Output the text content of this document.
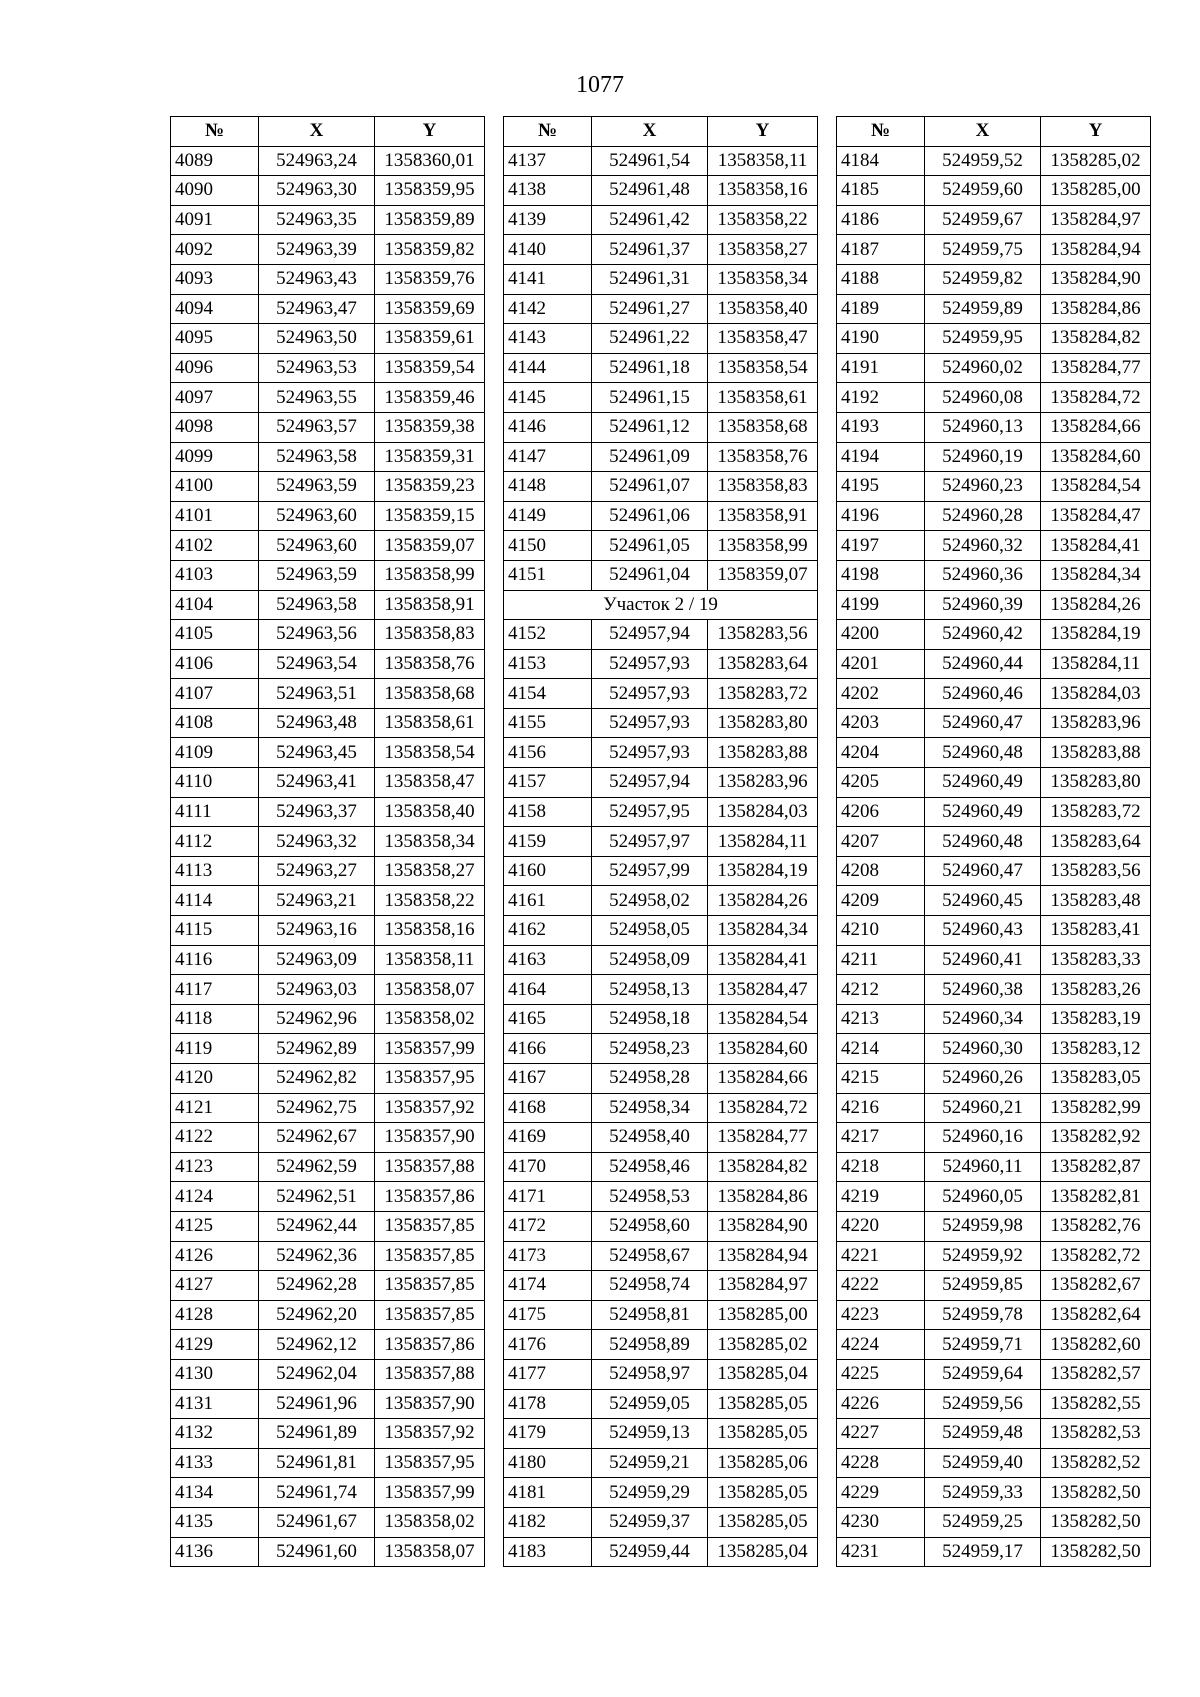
1077
№	X	Y
4089	524963,24	1358360,01
4090	524963,30	1358359,95
4091	524963,35	1358359,89
4092	524963,39	1358359,82
4093	524963,43	1358359,76
4094	524963,47	1358359,69
4095	524963,50	1358359,61
4096	524963,53	1358359,54
4097	524963,55	1358359,46
4098	524963,57	1358359,38
4099	524963,58	1358359,31
4100	524963,59	1358359,23
4101	524963,60	1358359,15
4102	524963,60	1358359,07
4103	524963,59	1358358,99
4104	524963,58	1358358,91
4105	524963,56	1358358,83
4106	524963,54	1358358,76
4107	524963,51	1358358,68
4108	524963,48	1358358,61
4109	524963,45	1358358,54
4110	524963,41	1358358,47
4111	524963,37	1358358,40
4112	524963,32	1358358,34
4113	524963,27	1358358,27
4114	524963,21	1358358,22
4115	524963,16	1358358,16
4116	524963,09	1358358,11
4117	524963,03	1358358,07
4118	524962,96	1358358,02
4119	524962,89	1358357,99
4120	524962,82	1358357,95
4121	524962,75	1358357,92
4122	524962,67	1358357,90
4123	524962,59	1358357,88
4124	524962,51	1358357,86
4125	524962,44	1358357,85
4126	524962,36	1358357,85
4127	524962,28	1358357,85
4128	524962,20	1358357,85
4129	524962,12	1358357,86
4130	524962,04	1358357,88
4131	524961,96	1358357,90
4132	524961,89	1358357,92
4133	524961,81	1358357,95
4134	524961,74	1358357,99
4135	524961,67	1358358,02
4136	524961,60	1358358,07
№	X	Y
4137	524961,54	1358358,11
4138	524961,48	1358358,16
4139	524961,42	1358358,22
4140	524961,37	1358358,27
4141	524961,31	1358358,34
4142	524961,27	1358358,40
4143	524961,22	1358358,47
4144	524961,18	1358358,54
4145	524961,15	1358358,61
4146	524961,12	1358358,68
4147	524961,09	1358358,76
4148	524961,07	1358358,83
4149	524961,06	1358358,91
4150	524961,05	1358358,99
4151	524961,04	1358359,07
Участок 2 / 19		
4152	524957,94	1358283,56
4153	524957,93	1358283,64
4154	524957,93	1358283,72
4155	524957,93	1358283,80
4156	524957,93	1358283,88
4157	524957,94	1358283,96
4158	524957,95	1358284,03
4159	524957,97	1358284,11
4160	524957,99	1358284,19
4161	524958,02	1358284,26
4162	524958,05	1358284,34
4163	524958,09	1358284,41
4164	524958,13	1358284,47
4165	524958,18	1358284,54
4166	524958,23	1358284,60
4167	524958,28	1358284,66
4168	524958,34	1358284,72
4169	524958,40	1358284,77
4170	524958,46	1358284,82
4171	524958,53	1358284,86
4172	524958,60	1358284,90
4173	524958,67	1358284,94
4174	524958,74	1358284,97
4175	524958,81	1358285,00
4176	524958,89	1358285,02
4177	524958,97	1358285,04
4178	524959,05	1358285,05
4179	524959,13	1358285,05
4180	524959,21	1358285,06
4181	524959,29	1358285,05
4182	524959,37	1358285,05
4183	524959,44	1358285,04
№	X	Y
4184	524959,52	1358285,02
4185	524959,60	1358285,00
4186	524959,67	1358284,97
4187	524959,75	1358284,94
4188	524959,82	1358284,90
4189	524959,89	1358284,86
4190	524959,95	1358284,82
4191	524960,02	1358284,77
4192	524960,08	1358284,72
4193	524960,13	1358284,66
4194	524960,19	1358284,60
4195	524960,23	1358284,54
4196	524960,28	1358284,47
4197	524960,32	1358284,41
4198	524960,36	1358284,34
4199	524960,39	1358284,26
4200	524960,42	1358284,19
4201	524960,44	1358284,11
4202	524960,46	1358284,03
4203	524960,47	1358283,96
4204	524960,48	1358283,88
4205	524960,49	1358283,80
4206	524960,49	1358283,72
4207	524960,48	1358283,64
4208	524960,47	1358283,56
4209	524960,45	1358283,48
4210	524960,43	1358283,41
4211	524960,41	1358283,33
4212	524960,38	1358283,26
4213	524960,34	1358283,19
4214	524960,30	1358283,12
4215	524960,26	1358283,05
4216	524960,21	1358282,99
4217	524960,16	1358282,92
4218	524960,11	1358282,87
4219	524960,05	1358282,81
4220	524959,98	1358282,76
4221	524959,92	1358282,72
4222	524959,85	1358282,67
4223	524959,78	1358282,64
4224	524959,71	1358282,60
4225	524959,64	1358282,57
4226	524959,56	1358282,55
4227	524959,48	1358282,53
4228	524959,40	1358282,52
4229	524959,33	1358282,50
4230	524959,25	1358282,50
4231	524959,17	1358282,50
